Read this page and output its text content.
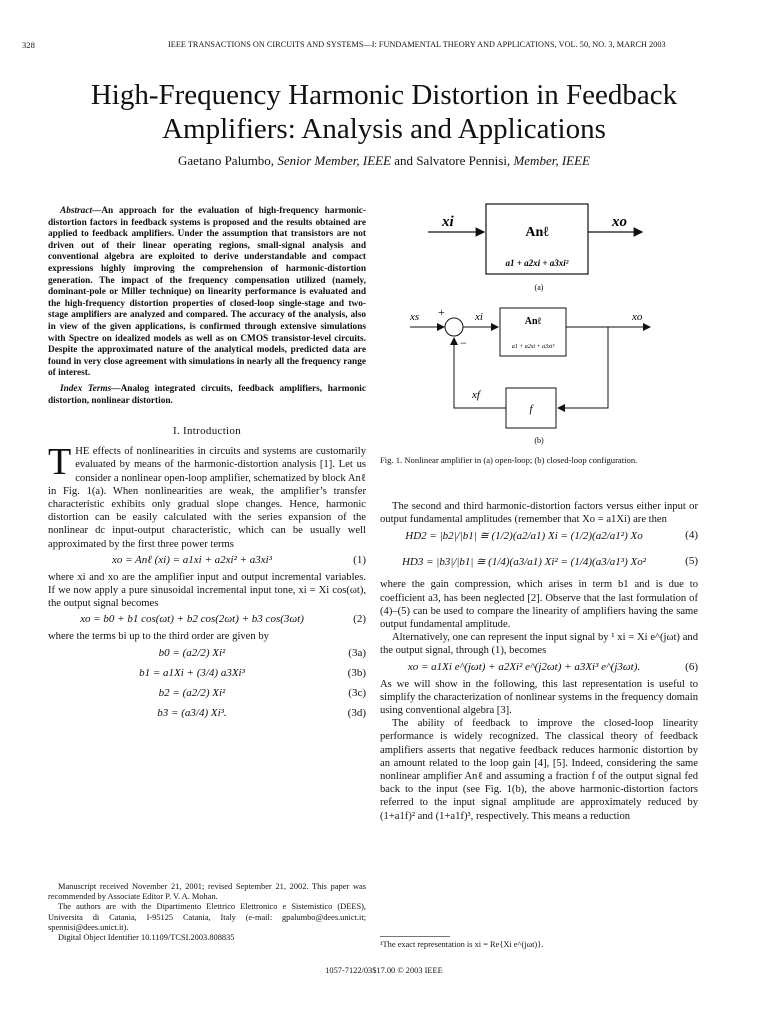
328	IEEE TRANSACTIONS ON CIRCUITS AND SYSTEMS—I: FUNDAMENTAL THEORY AND APPLICATIONS, VOL. 50, NO. 3, MARCH 2003
High-Frequency Harmonic Distortion in Feedback Amplifiers: Analysis and Applications
Gaetano Palumbo, Senior Member, IEEE and Salvatore Pennisi, Member, IEEE

Abstract—An approach for the evaluation of high-frequency harmonic-distortion factors in feedback systems is proposed and the results obtained are applied to feedback amplifiers. Under the assumption that transistors are not driven out of their linear operating regions, small-signal analysis and conventional algebra are exploited to derive understandable and compact expressions highly improving the comprehension of harmonic-distortion generation. The impact of the frequency compensation utilized (namely, dominant-pole or Miller technique) on linearity performance is evaluated and the high-frequency distortion properties of closed-loop single-stage and two-stage amplifiers are analyzed and compared. The accuracy of the analysis, also in view of the given applications, is confirmed through extensive simulations with Spectre on idealized models as well as on CMOS transistor-level circuits. Despite the approximated nature of the analytical models, predicted data are found in very close agreement with simulations in nearly all the frequency range of interest.

Index Terms—Analog integrated circuits, feedback amplifiers, harmonic distortion, nonlinear distortion.

I. Introduction

THE effects of nonlinearities in circuits and systems are customarily evaluated by means of the harmonic-distortion analysis [1]. Let us consider a nonlinear open-loop amplifier, schematized by block Anℓ in Fig. 1(a). When nonlinearities are weak, the amplifier’s transfer characteristic exhibits only gradual slope changes. Hence, harmonic distortion can be easily calculated with the series expansion of the nonlinear dc input-output characteristic, which can be usually well approximated by the first three power terms

xo = Anℓ (xi) = a1xi + a2xi² + a3xi³	(1)

where xi and xo are the amplifier input and output incremental variables. If we now apply a pure sinusoidal incremental input tone, xi = Xi cos(ωt), the output signal becomes

xo = b0 + b1 cos(ωt) + b2 cos(2ωt) + b3 cos(3ωt)	(2)

where the terms bi up to the third order are given by

b0 = (a2/2) Xi²	(3a)
b1 = a1Xi + (3/4) a3Xi³	(3b)
b2 = (a2/2) Xi²	(3c)
b3 = (a3/4) Xi³.	(3d)

Manuscript received November 21, 2001; revised September 21, 2002. This paper was recommended by Associate Editor P. V. A. Mohan.

The authors are with the Dipartimento Elettrico Elettronico e Sistemistico (DEES), Universita di Catania, I-95125 Catania, Italy (e-mail: gpalumbo@dees.unict.it; spennisi@dees.unict.it).

Digital Object Identifier 10.1109/TCSI.2003.808835

xi	xo
Anℓ
a1 + a2xi + a3xi²
(a)
xs +
−
xi	xo
xf
Anℓ
a1 + a2xi + a3xi²
f
(b)
Fig. 1. Nonlinear amplifier in (a) open-loop; (b) closed-loop configuration.

The second and third harmonic-distortion factors versus either input or output fundamental amplitudes (remember that Xo = a1Xi) are then

HD2 = |b2|/|b1| ≅ (1/2)(a2/a1) Xi = (1/2)(a2/a1²) Xo	(4)
HD3 = |b3|/|b1| ≅ (1/4)(a3/a1) Xi² = (1/4)(a3/a1³) Xo²	(5)

where the gain compression, which arises in term b1 and is due to coefficient a3, has been neglected [2]. Observe that the last formulation of (4)–(5) can be used to compare the linearity of amplifiers having the same output fundamental amplitude.

Alternatively, one can represent the input signal by ¹ xi = Xi e^(jωt) and the output signal, through (1), becomes

xo = a1Xi e^(jωt) + a2Xi² e^(j2ωt) + a3Xi³ e^(j3ωt).	(6)

As we will show in the following, this last representation is useful to simplify the characterization of nonlinear systems in the frequency domain using conventional algebra [3].

The ability of feedback to improve the closed-loop linearity performance is widely recognized. The classical theory of feedback amplifiers asserts that negative feedback reduces harmonic distortion by an amount related to the loop gain [4], [5]. Indeed, considering the same nonlinear amplifier Anℓ and assuming a fraction f of the output signal fed back to the input (see Fig. 1(b), the above harmonic-distortion factors referred to the input signal amplitude are approximately reduced by (1+a1f)² and (1+a1f)³, respectively. This means a reduction

¹The exact representation is xi = Re{Xi e^(jωt)}.
1057-7122/03$17.00 © 2003 IEEE
